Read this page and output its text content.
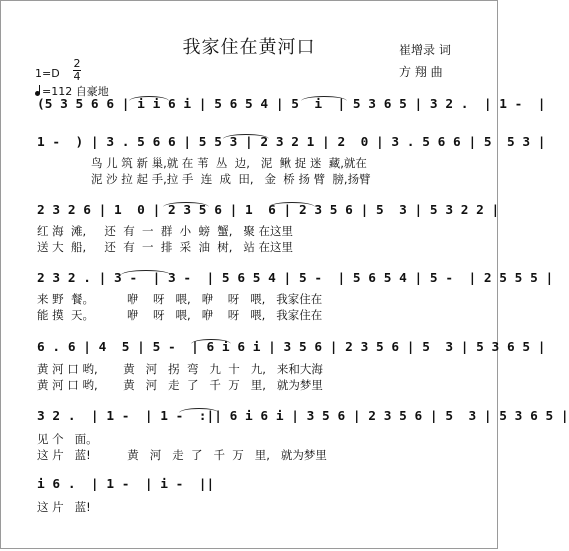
我家住在黄河口	崔增录 词
方 翔 曲
1=D
2
4
=112 自豪地
(5 3 5 6 6 | i i 6 i | 5 6 5 4 | 5  i  | 5 3 6 5 | 3 2 .  | 1 -  |
1 -  ) | 3 . 5 6 6 | 5 5 3 | 2 3 2 1 | 2  0 | 3 . 5 6 6 | 5  5 3 |
鸟 儿 筑 新 巢,就 在 苇  丛  边,   泥  鳅 捉 迷  藏,就在
泥 沙 拉 起 手,拉 手  连  成  田,   金  桥 扬 臂  膀,扬臂
2 3 2 6 | 1  0 | 2 3 5 6 | 1  6 | 2 3 5 6 | 5  3 | 5 3 2 2 |
红 海  滩,     还  有  一  群  小  螃  蟹,   聚 在这里
送 大  船,     还  有  一  排  采  油  树,   站 在这里
2 3 2 . | 3 -  | 3 -  | 5 6 5 4 | 5 -  | 5 6 5 4 | 5 -  | 2 5 5 5 |
来 野  餐。         咿    呀   喂,   咿    呀   喂,   我家住在
能 摸  天。         咿    呀   喂,   咿    呀   喂,   我家住在
6 . 6 | 4  5 | 5 -  | 6 i 6 i | 3 5 6 | 2 3 5 6 | 5  3 | 5 3 6 5 |
黄 河 口 哟,       黄   河   拐  弯   九  十   九,   来和大海
黄 河 口 哟,       黄   河   走  了   千  万   里,   就为梦里
3 2 .  | 1 -  | 1 -  :|| 6 i 6 i | 3 5 6 | 2 3 5 6 | 5  3 | 5 3 6 5 |
见 个   面。
这 片   蓝!          黄   河   走  了   千  万   里,   就为梦里
i 6 .  | 1 -  | i -  ||
这 片   蓝!
